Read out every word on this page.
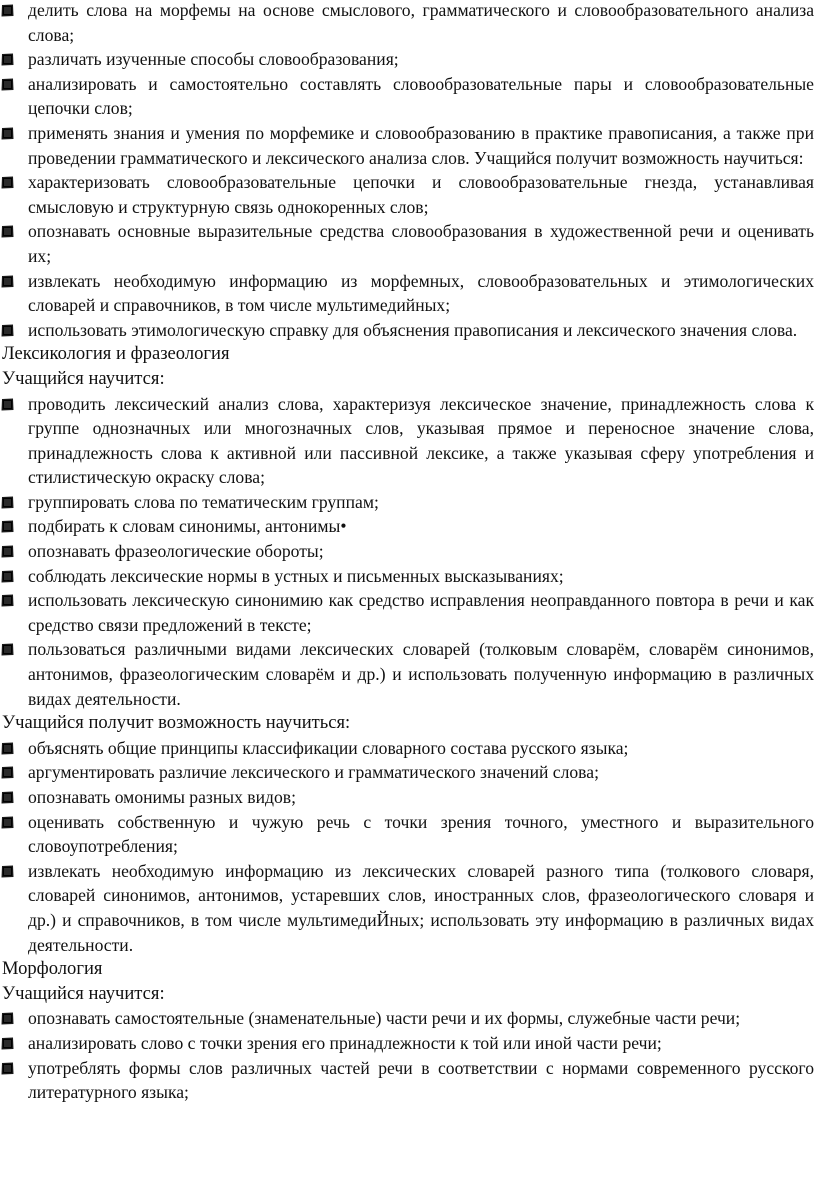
делить слова на морфемы на основе смыслового, грамматического и словообразовательного анализа слова;
различать изученные способы словообразования;
анализировать и самостоятельно составлять словообразовательные пары и словообразовательные цепочки слов;
применять знания и умения по морфемике и словообразованию в практике правописания, а также при проведении грамматического и лексического анализа слов. Учащийся получит возможность научиться:
характеризовать словообразовательные цепочки и словообразовательные гнезда, устанавливая смысловую и структурную связь однокоренных слов;
опознавать основные выразительные средства словообразования в художественной речи и оценивать их;
извлекать необходимую информацию из морфемных, словообразовательных и этимологических словарей и справочников, в том числе мультимедийных;
использовать этимологическую справку для объяснения правописания и лексического значения слова.
Лексикология и фразеология
Учащийся научится:
проводить лексический анализ слова, характеризуя лексическое значение, принадлежность слова к группе однозначных или многозначных слов, указывая прямое и переносное значение слова, принадлежность слова к активной или пассивной лексике, а также указывая сферу употребления и стилистическую окраску слова;
группировать слова по тематическим группам;
подбирать к словам синонимы, антонимы•
опознавать фразеологические обороты;
соблюдать лексические нормы в устных и письменных высказываниях;
использовать лексическую синонимию как средство исправления неоправданного повтора в речи и как средство связи предложений в тексте;
пользоваться различными видами лексических словарей (толковым словарём, словарём синонимов, антонимов, фразеологическим словарём и др.) и использовать полученную информацию в различных видах деятельности.
Учащийся получит возможность научиться:
объяснять общие принципы классификации словарного состава русского языка;
аргументировать различие лексического и грамматического значений слова;
опознавать омонимы разных видов;
оценивать собственную и чужую речь с точки зрения точного, уместного и выразительного словоупотребления;
извлекать необходимую информацию из лексических словарей разного типа (толкового словаря, словарей синонимов, антонимов, устаревших слов, иностранных слов, фразеологического словаря и др.) и справочников, в том числе мультимедиЙных; использовать эту информацию в различных видах деятельности.
Морфология
Учащийся научится:
опознавать самостоятельные (знаменательные) части речи и их формы, служебные части речи;
анализировать слово с точки зрения его принадлежности к той или иной части речи;
употреблять формы слов различных частей речи в соответствии с нормами современного русского литературного языка;
